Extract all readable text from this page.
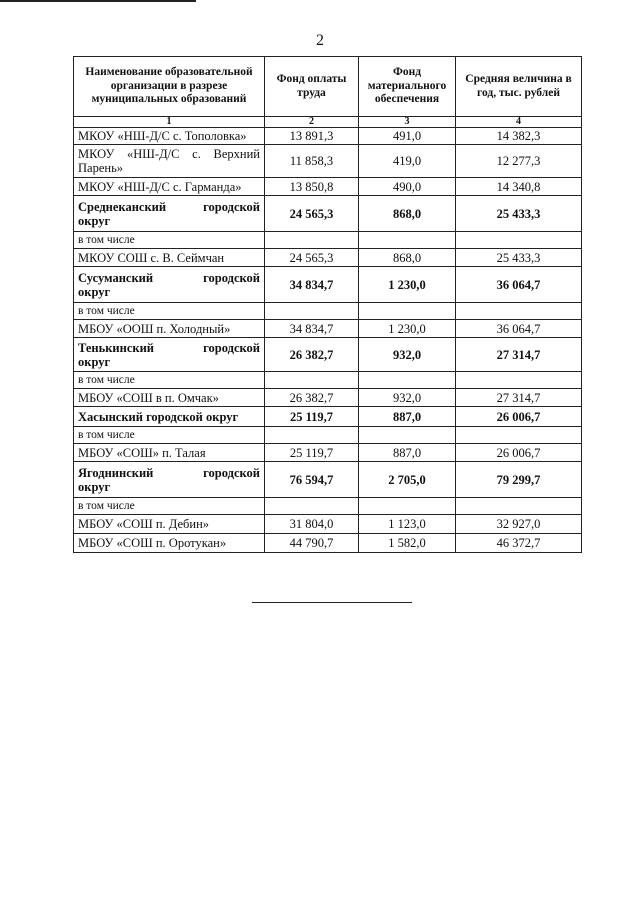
2
Наименование образовательной организации в разрезе муниципальных образований	Фонд оплаты труда	Фонд материального обеспечения	Средняя величина в год, тыс. рублей
1	2	3	4
МКОУ «НШ-Д/С с. Тополовка»	13 891,3	491,0	14 382,3
МКОУ «НШ-Д/С с. Верхний
Парень»	11 858,3	419,0	12 277,3
МКОУ «НШ-Д/С с. Гарманда»	13 850,8	490,0	14 340,8
Среднеканский городской
округ	24 565,3	868,0	25 433,3
в том числе			
МКОУ СОШ с. В. Сеймчан	24 565,3	868,0	25 433,3
Сусуманский городской
округ	34 834,7	1 230,0	36 064,7
в том числе			
МБОУ «ООШ п. Холодный»	34 834,7	1 230,0	36 064,7
Тенькинский городской
округ	26 382,7	932,0	27 314,7
в том числе			
МБОУ «СОШ в п. Омчак»	26 382,7	932,0	27 314,7
Хасынский городской округ	25 119,7	887,0	26 006,7
в том числе			
МБОУ «СОШ» п. Талая	25 119,7	887,0	26 006,7
Ягоднинский городской
округ	76 594,7	2 705,0	79 299,7
в том числе			
МБОУ «СОШ п. Дебин»	31 804,0	1 123,0	32 927,0
МБОУ «СОШ п. Оротукан»	44 790,7	1 582,0	46 372,7
